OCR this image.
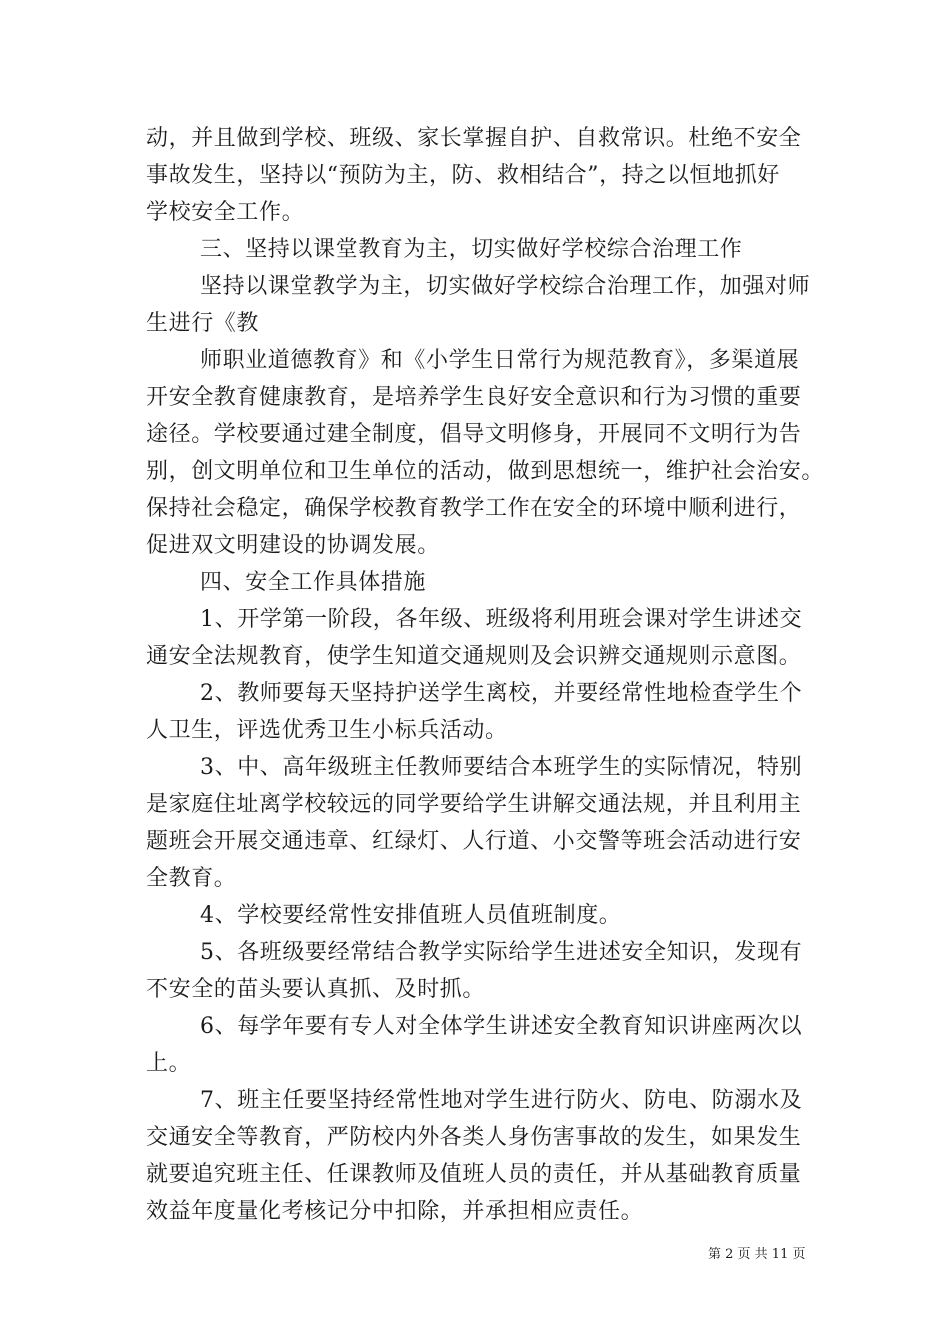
动，并且做到学校、班级、家长掌握自护、自救常识。杜绝不安全
事故发生，坚持以“预防为主，防、救相结合”，持之以恒地抓好
学校安全工作。
三、坚持以课堂教育为主，切实做好学校综合治理工作
坚持以课堂教学为主，切实做好学校综合治理工作，加强对师
生进行《教
师职业道德教育》和《小学生日常行为规范教育》，多渠道展
开安全教育健康教育，是培养学生良好安全意识和行为习惯的重要
途径。学校要通过建全制度，倡导文明修身，开展同不文明行为告
别，创文明单位和卫生单位的活动，做到思想统一，维护社会治安。
保持社会稳定，确保学校教育教学工作在安全的环境中顺利进行，
促进双文明建设的协调发展。
四、安全工作具体措施
1、开学第一阶段，各年级、班级将利用班会课对学生讲述交
通安全法规教育，使学生知道交通规则及会识辨交通规则示意图。
2、教师要每天坚持护送学生离校，并要经常性地检查学生个
人卫生，评选优秀卫生小标兵活动。
3、中、高年级班主任教师要结合本班学生的实际情况，特别
是家庭住址离学校较远的同学要给学生讲解交通法规，并且利用主
题班会开展交通违章、红绿灯、人行道、小交警等班会活动进行安
全教育。
4、学校要经常性安排值班人员值班制度。
5、各班级要经常结合教学实际给学生进述安全知识，发现有
不安全的苗头要认真抓、及时抓。
6、每学年要有专人对全体学生讲述安全教育知识讲座两次以
上。
7、班主任要坚持经常性地对学生进行防火、防电、防溺水及
交通安全等教育，严防校内外各类人身伤害事故的发生，如果发生
就要追究班主任、任课教师及值班人员的责任，并从基础教育质量
效益年度量化考核记分中扣除，并承担相应责任。
第 2 页 共 11 页
